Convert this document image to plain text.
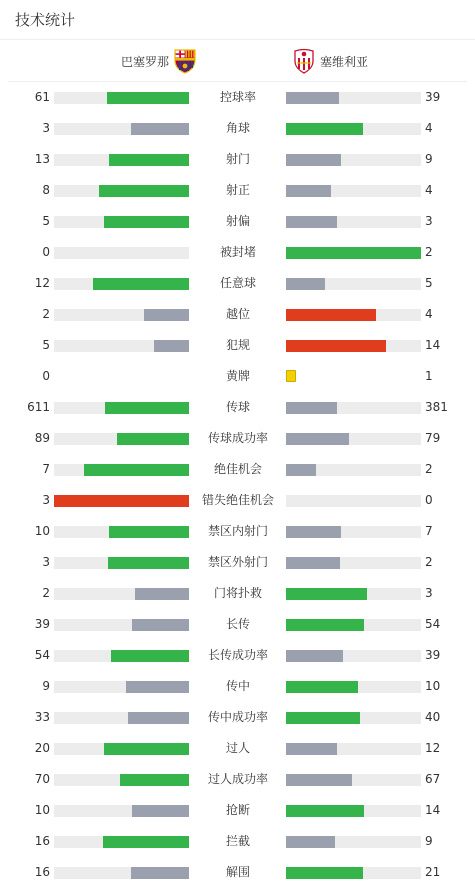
技术统计
巴塞罗那	塞维利亚
61	控球率	39
3	角球	4
13	射门	9
8	射正	4
5	射偏	3
0	被封堵	2
12	任意球	5
2	越位	4
5	犯规	14
0	黄牌	1
611	传球	381
89	传球成功率	79
7	绝佳机会	2
3	错失绝佳机会	0
10	禁区内射门	7
3	禁区外射门	2
2	门将扑救	3
39	长传	54
54	长传成功率	39
9	传中	10
33	传中成功率	40
20	过人	12
70	过人成功率	67
10	抢断	14
16	拦截	9
16	解围	21
